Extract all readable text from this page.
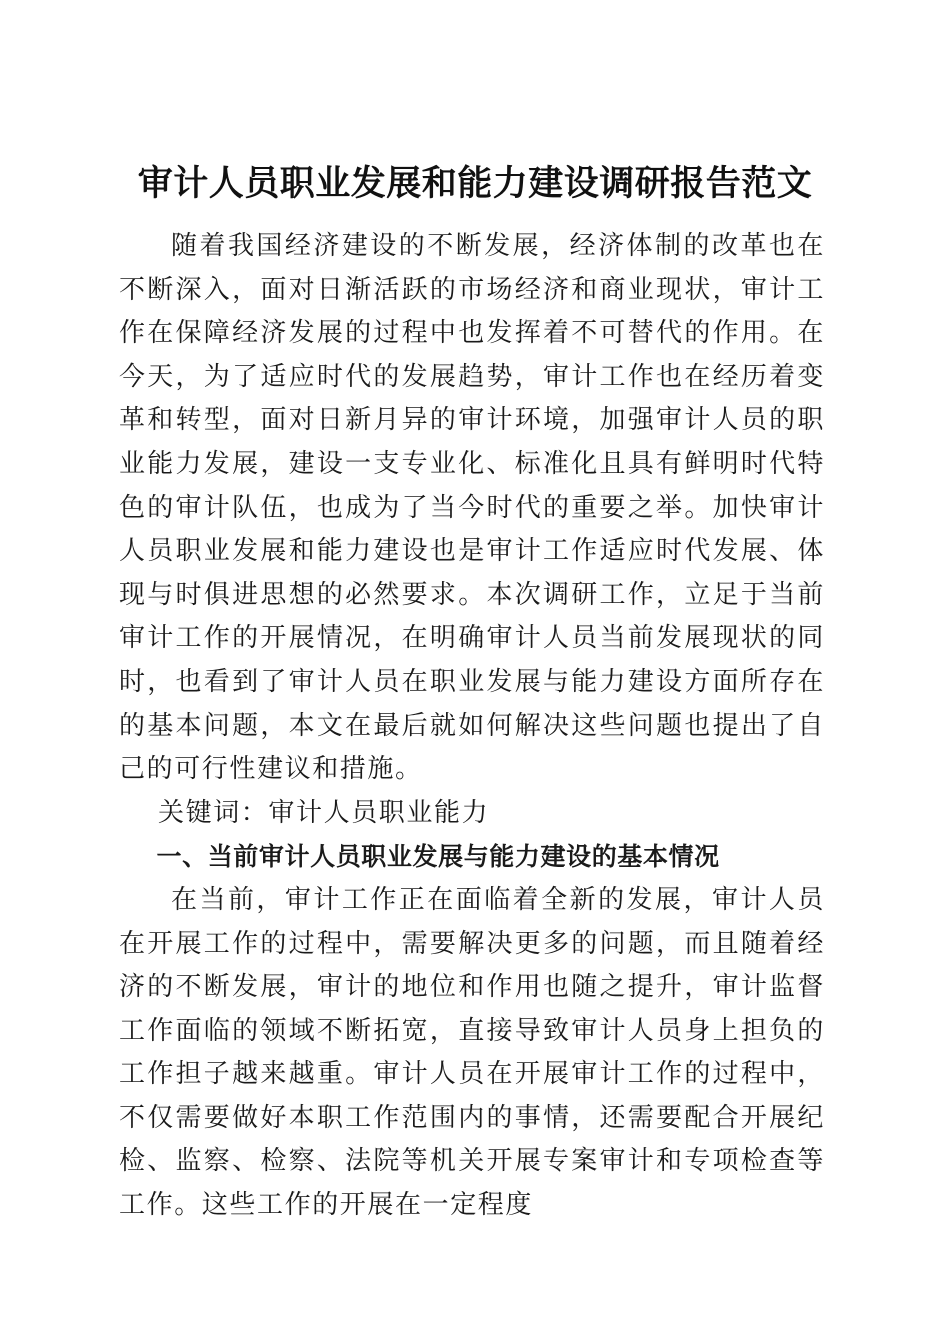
审计人员职业发展和能力建设调研报告范文

随着我国经济建设的不断发展，经济体制的改革也在不断深入，面对日渐活跃的市场经济和商业现状，审计工作在保障经济发展的过程中也发挥着不可替代的作用。在今天，为了适应时代的发展趋势，审计工作也在经历着变革和转型，面对日新月异的审计环境，加强审计人员的职业能力发展，建设一支专业化、标准化且具有鲜明时代特色的审计队伍，也成为了当今时代的重要之举。加快审计人员职业发展和能力建设也是审计工作适应时代发展、体现与时俱进思想的必然要求。本次调研工作，立足于当前审计工作的开展情况，在明确审计人员当前发展现状的同时，也看到了审计人员在职业发展与能力建设方面所存在的基本问题，本文在最后就如何解决这些问题也提出了自己的可行性建议和措施。

关键词：审计人员职业能力

一、当前审计人员职业发展与能力建设的基本情况

在当前，审计工作正在面临着全新的发展，审计人员在开展工作的过程中，需要解决更多的问题，而且随着经济的不断发展，审计的地位和作用也随之提升，审计监督工作面临的领域不断拓宽，直接导致审计人员身上担负的工作担子越来越重。审计人员在开展审计工作的过程中，不仅需要做好本职工作范围内的事情，还需要配合开展纪检、监察、检察、法院等机关开展专案审计和专项检查等工作。这些工作的开展在一定程度
